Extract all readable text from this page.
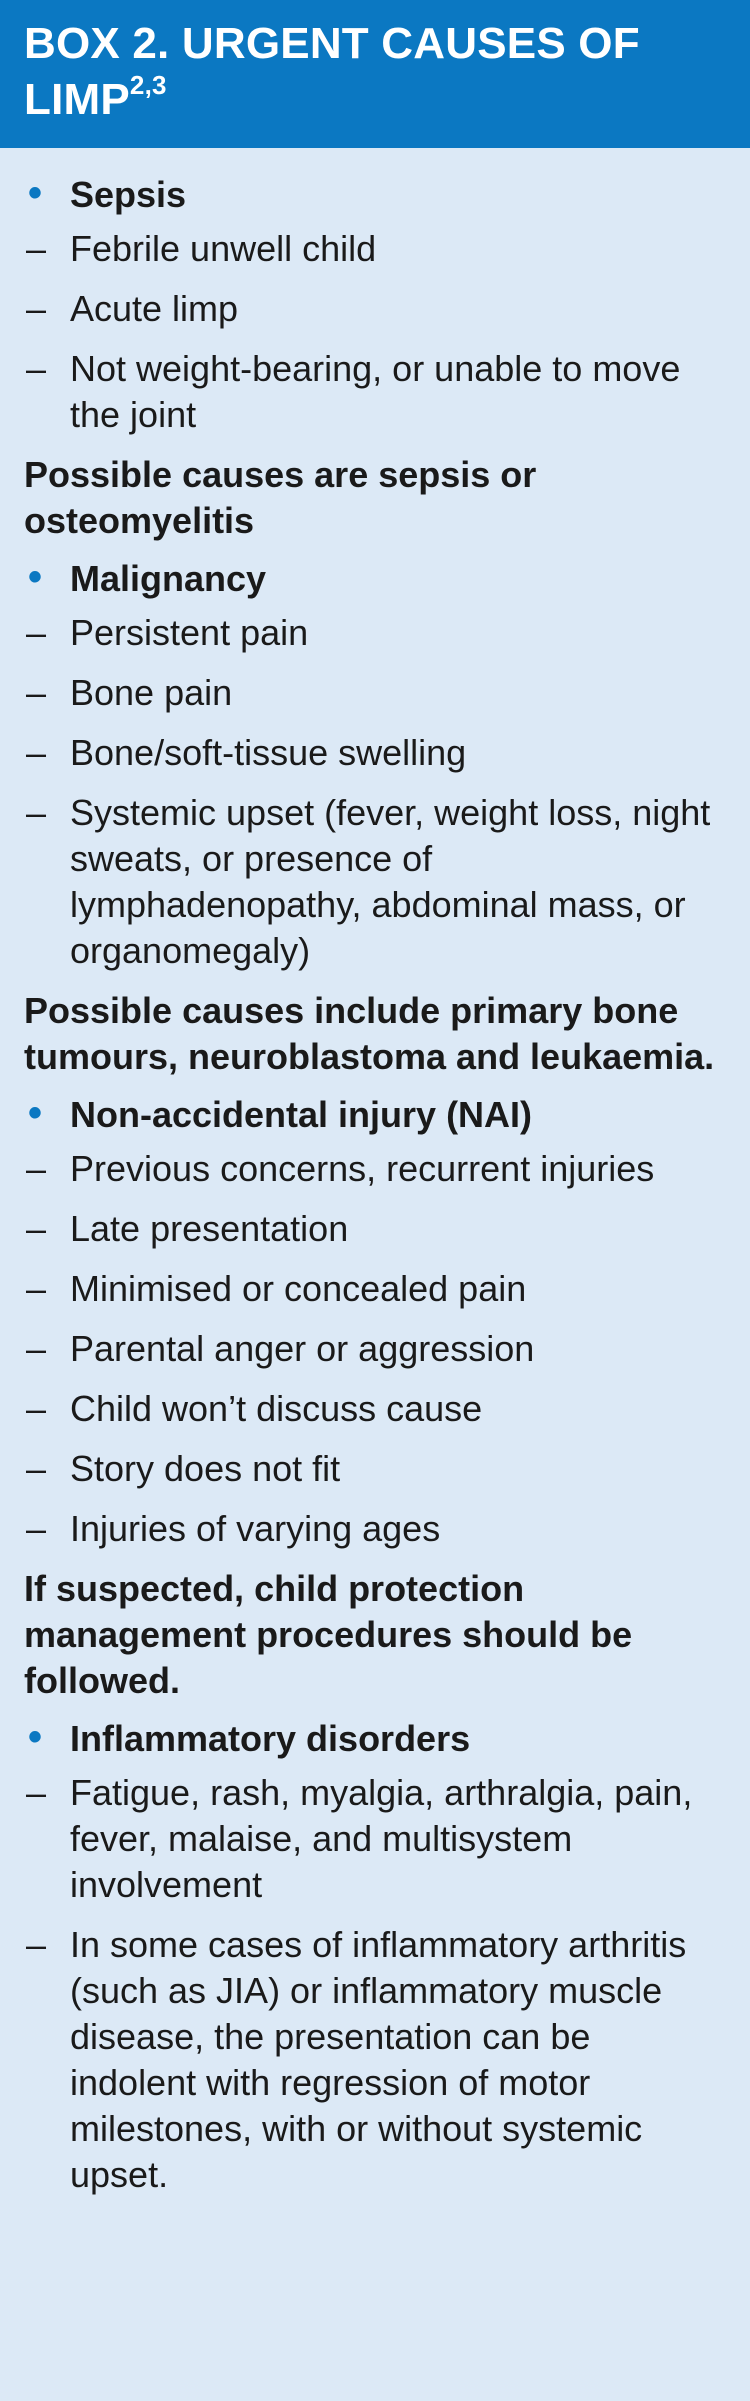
BOX 2. URGENT CAUSES OF LIMP$^{2,3}$
• Sepsis
– Febrile unwell child
– Acute limp
– Not weight-bearing, or unable to move the joint
Possible causes are sepsis or osteomyelitis
• Malignancy
– Persistent pain
– Bone pain
– Bone/soft-tissue swelling
– Systemic upset (fever, weight loss, night sweats, or presence of lymphadenopathy, abdominal mass, or organomegaly)
Possible causes include primary bone tumours, neuroblastoma and leukaemia.
• Non-accidental injury (NAI)
– Previous concerns, recurrent injuries
– Late presentation
– Minimised or concealed pain
– Parental anger or aggression
– Child won’t discuss cause
– Story does not fit
– Injuries of varying ages
If suspected, child protection management procedures should be followed.
• Inflammatory disorders
– Fatigue, rash, myalgia, arthralgia, pain, fever, malaise, and multisystem involvement
– In some cases of inflammatory arthritis (such as JIA) or inflammatory muscle disease, the presentation can be indolent with regression of motor milestones, with or without systemic upset.
